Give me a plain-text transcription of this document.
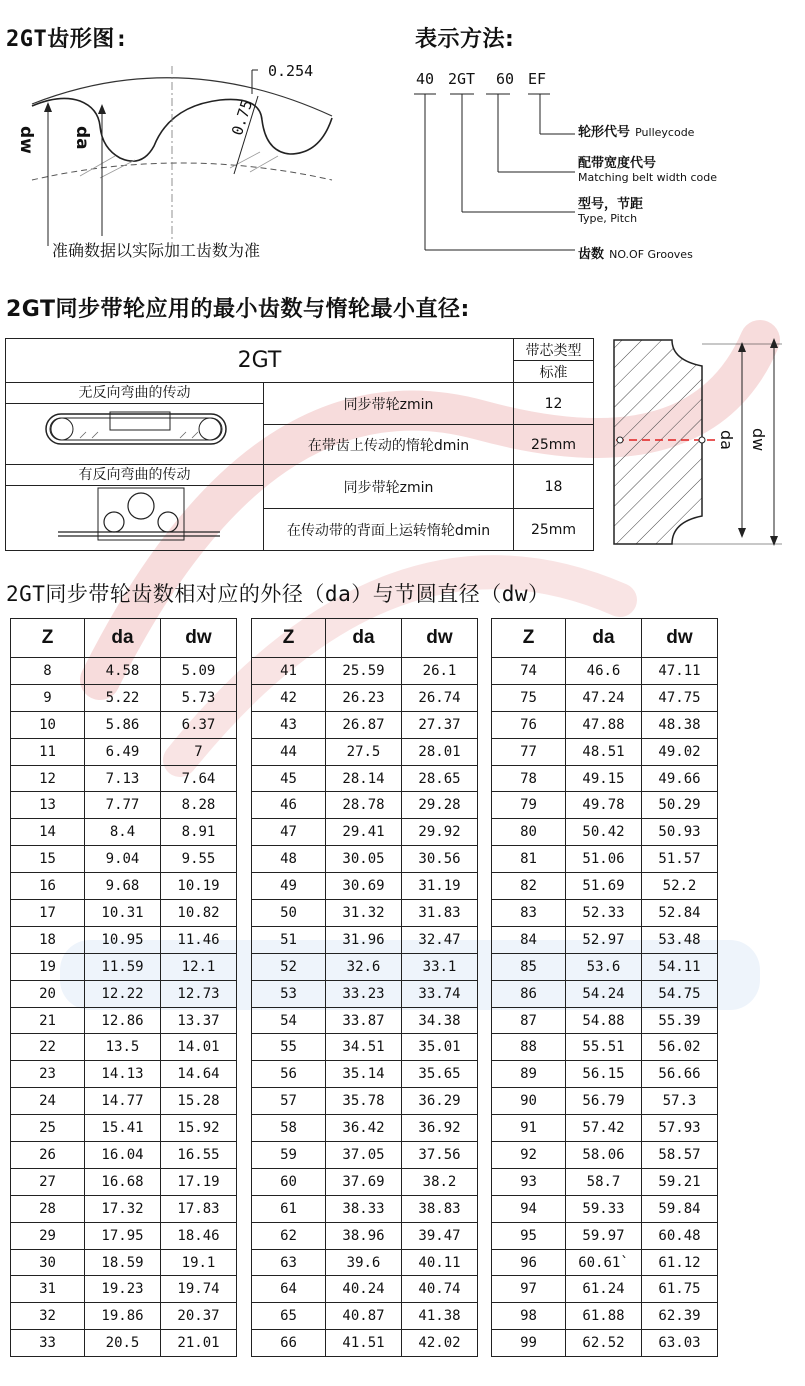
2GT齿形图:
0.254
0.75
dw da
准确数据以实际加工齿数为准
表示方法:
40 2GT 60 EF
轮形代号 Pulleycode
配带宽度代号
Matching belt width code
型号，节距
Type, Pitch
齿数 NO.OF Grooves
2GT同步带轮应用的最小齿数与惰轮最小直径:
2GT		带芯类型
		标准

无反向弯曲的传动	同步带轮zmin	12
	在带齿上传动的惰轮dmin	25mm

有反向弯曲的传动	同步带轮zmin	18
	在传动带的背面上运转惰轮dmin	25mm
da dw
2GT同步带轮齿数相对应的外径（da）与节圆直径（dw）
Z	da	dw
8	4.58	5.09
9	5.22	5.73
10	5.86	6.37
11	6.49	7
12	7.13	7.64
13	7.77	8.28
14	8.4	8.91
15	9.04	9.55
16	9.68	10.19
17	10.31	10.82
18	10.95	11.46
19	11.59	12.1
20	12.22	12.73
21	12.86	13.37
22	13.5	14.01
23	14.13	14.64
24	14.77	15.28
25	15.41	15.92
26	16.04	16.55
27	16.68	17.19
28	17.32	17.83
29	17.95	18.46
30	18.59	19.1
31	19.23	19.74
32	19.86	20.37
33	20.5	21.01
Z	da	dw
41	25.59	26.1
42	26.23	26.74
43	26.87	27.37
44	27.5	28.01
45	28.14	28.65
46	28.78	29.28
47	29.41	29.92
48	30.05	30.56
49	30.69	31.19
50	31.32	31.83
51	31.96	32.47
52	32.6	33.1
53	33.23	33.74
54	33.87	34.38
55	34.51	35.01
56	35.14	35.65
57	35.78	36.29
58	36.42	36.92
59	37.05	37.56
60	37.69	38.2
61	38.33	38.83
62	38.96	39.47
63	39.6	40.11
64	40.24	40.74
65	40.87	41.38
66	41.51	42.02
Z	da	dw
74	46.6	47.11
75	47.24	47.75
76	47.88	48.38
77	48.51	49.02
78	49.15	49.66
79	49.78	50.29
80	50.42	50.93
81	51.06	51.57
82	51.69	52.2
83	52.33	52.84
84	52.97	53.48
85	53.6	54.11
86	54.24	54.75
87	54.88	55.39
88	55.51	56.02
89	56.15	56.66
90	56.79	57.3
91	57.42	57.93
92	58.06	58.57
93	58.7	59.21
94	59.33	59.84
95	59.97	60.48
96	60.61`	61.12
97	61.24	61.75
98	61.88	62.39
99	62.52	63.03
